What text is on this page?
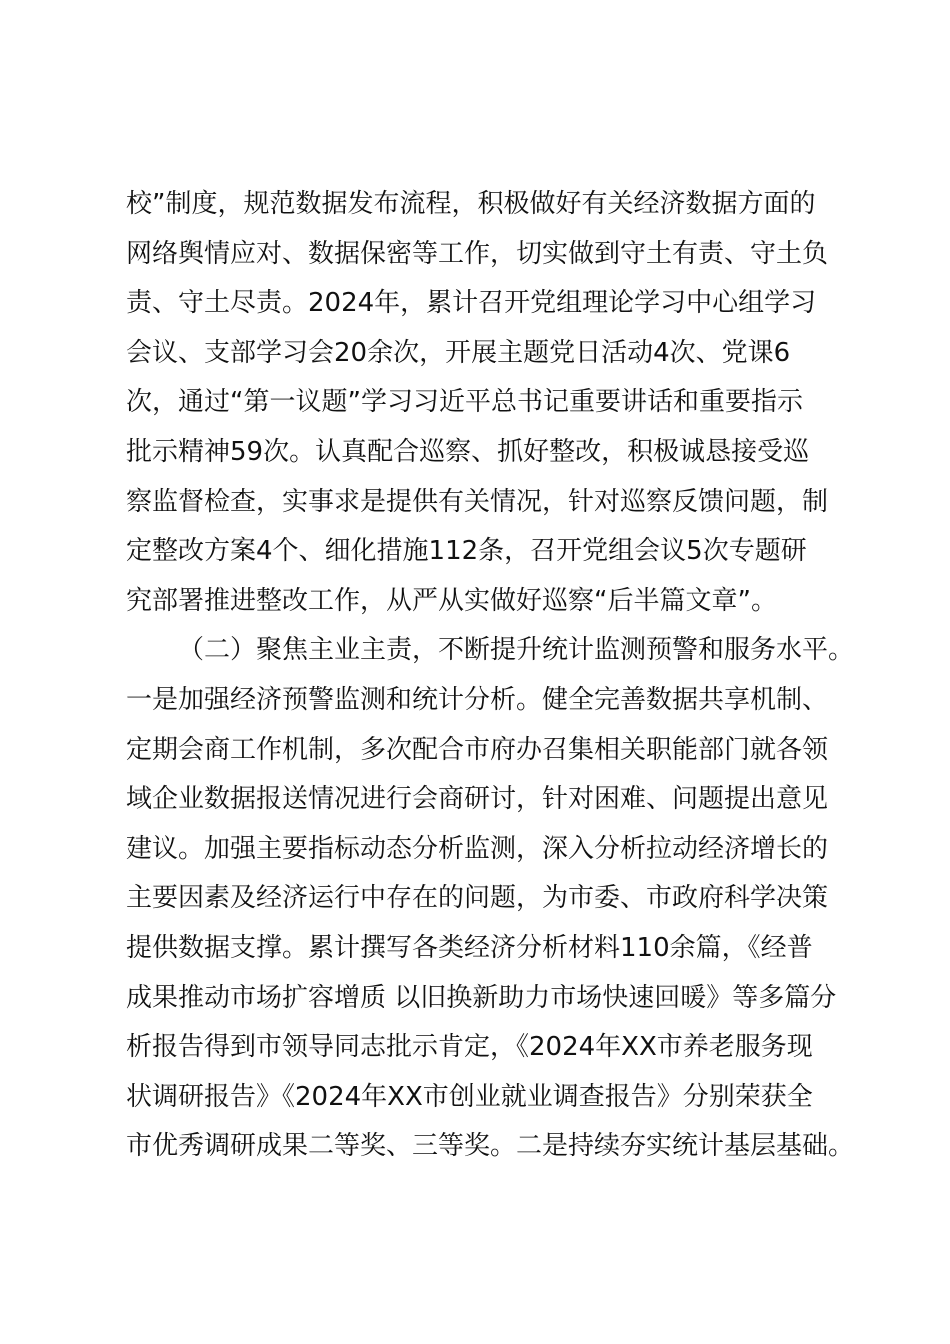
校”制度，规范数据发布流程，积极做好有关经济数据方面的
网络舆情应对、数据保密等工作，切实做到守土有责、守土负
责、守土尽责。2024年，累计召开党组理论学习中心组学习
会议、支部学习会20余次，开展主题党日活动4次、党课6
次，通过“第一议题”学习习近平总书记重要讲话和重要指示
批示精神59次。认真配合巡察、抓好整改，积极诚恳接受巡
察监督检查，实事求是提供有关情况，针对巡察反馈问题，制
定整改方案4个、细化措施112条，召开党组会议5次专题研
究部署推进整改工作，从严从实做好巡察“后半篇文章”。
（二）聚焦主业主责，不断提升统计监测预警和服务水平。
一是加强经济预警监测和统计分析。健全完善数据共享机制、
定期会商工作机制，多次配合市府办召集相关职能部门就各领
域企业数据报送情况进行会商研讨，针对困难、问题提出意见
建议。加强主要指标动态分析监测，深入分析拉动经济增长的
主要因素及经济运行中存在的问题，为市委、市政府科学决策
提供数据支撑。累计撰写各类经济分析材料110余篇，《经普
成果推动市场扩容增质 以旧换新助力市场快速回暖》等多篇分
析报告得到市领导同志批示肯定，《2024年XX市养老服务现
状调研报告》《2024年XX市创业就业调查报告》分别荣获全
市优秀调研成果二等奖、三等奖。二是持续夯实统计基层基础。
